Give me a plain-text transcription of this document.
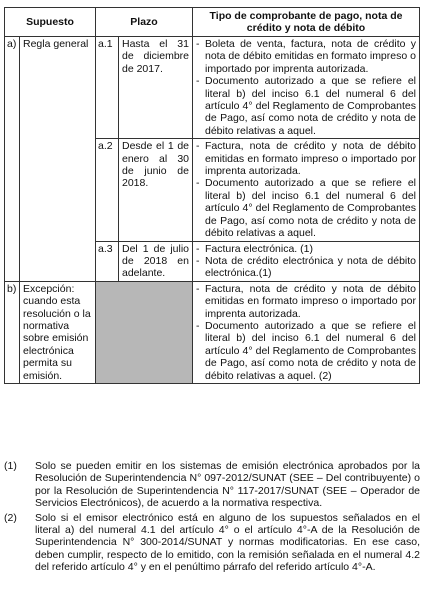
Supuesto		Plazo		Tipo de comprobante de pago, nota de crédito y nota de débito
a)	Regla general	a.1	Hasta el 31 de diciembre de 2017.	- Boleta de venta, factura, nota de crédito y nota de débito emitidas en formato impreso o importado por imprenta autorizada.
- Documento autorizado a que se refiere el literal b) del inciso 6.1 del numeral 6 del artículo 4° del Reglamento de Comprobantes de Pago, así como nota de crédito y nota de débito relativas a aquel.

		a.2	Desde el 1 de enero al 30 de junio de 2018.	- Factura, nota de crédito y nota de débito emitidas en formato impreso o importado por imprenta autorizada.
- Documento autorizado a que se refiere el literal b) del inciso 6.1 del numeral 6 del artículo 4° del Reglamento de Comprobantes de Pago, así como nota de crédito y nota de débito relativas a aquel.

		a.3	Del 1 de julio de 2018 en adelante.	- Factura electrónica. (1)
- Nota de crédito electrónica y nota de débito electrónica.(1)

b)	Excepción: cuando esta resolución o la normativa sobre emisión electrónica permita su emisión.			- Factura, nota de crédito y nota de débito emitidas en formato impreso o importado por imprenta autorizada.
- Documento autorizado a que se refiere el literal b) del inciso 6.1 del numeral 6 del artículo 4° del Reglamento de Comprobantes de Pago, así como nota de crédito y nota de débito relativas a aquel. (2)
(1)	Solo se pueden emitir en los sistemas de emisión electrónica aprobados por la Resolución de Superintendencia N° 097-2012/SUNAT (SEE – Del contribuyente) o por la Resolución de Superintendencia N° 117-2017/SUNAT (SEE – Operador de Servicios Electrónicos), de acuerdo a la normativa respectiva.
(2)	Solo si el emisor electrónico está en alguno de los supuestos señalados en el literal a) del numeral 4.1 del artículo 4° o el artículo 4°-A de la Resolución de Superintendencia N° 300-2014/SUNAT y normas modificatorias. En ese caso, deben cumplir, respecto de lo emitido, con la remisión señalada en el numeral 4.2 del referido artículo 4° y en el penúltimo párrafo del referido artículo 4°-A.
